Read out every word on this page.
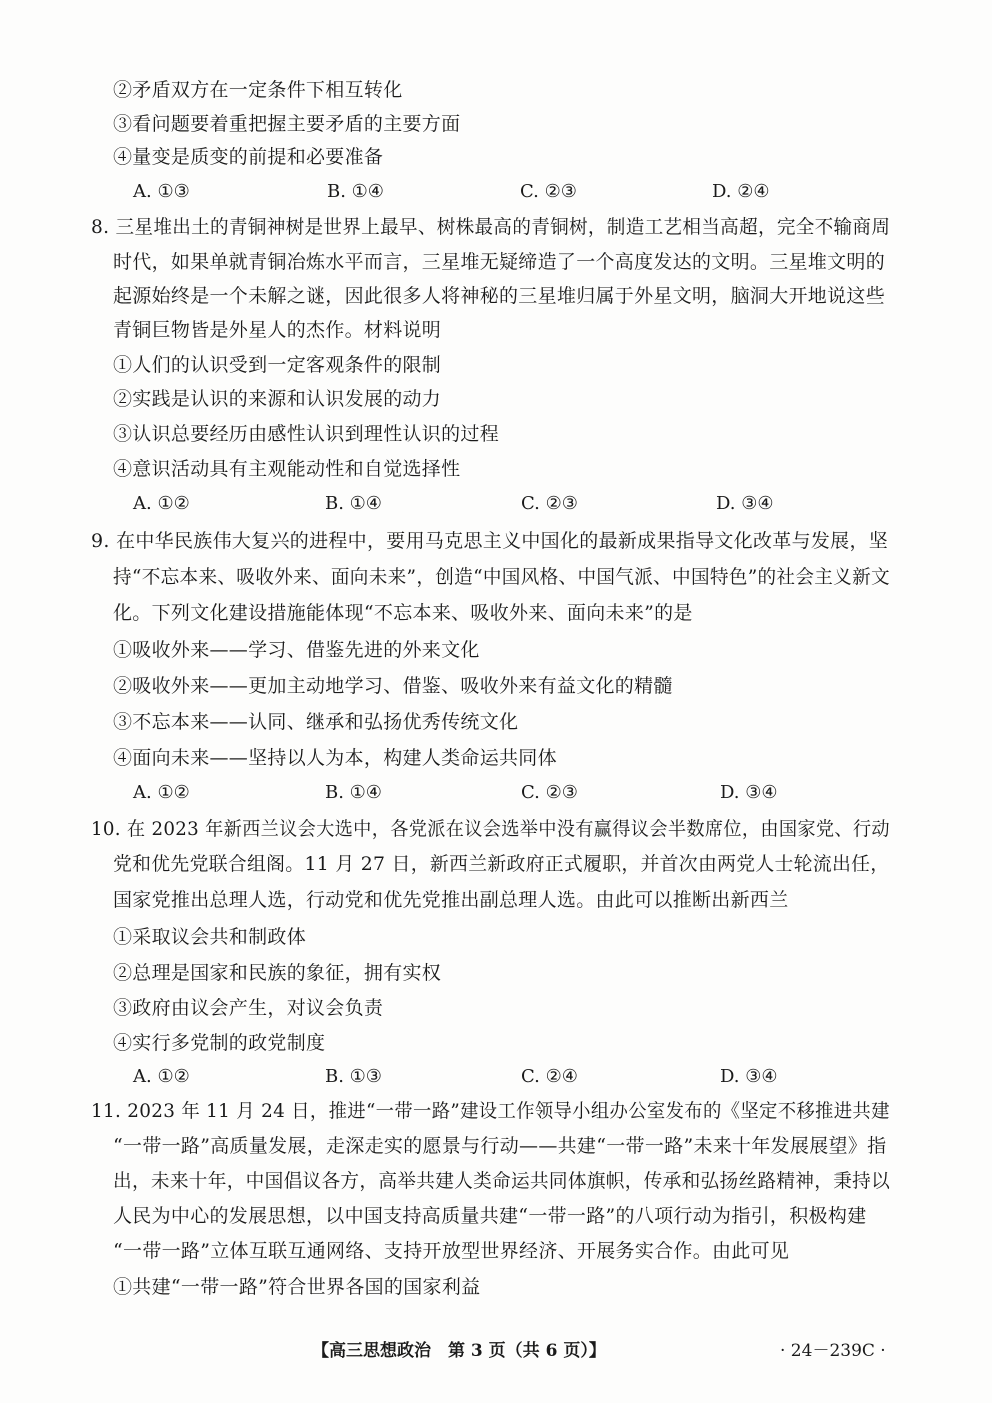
②矛盾双方在一定条件下相互转化
③看问题要着重把握主要矛盾的主要方面
④量变是质变的前提和必要准备
A. ①③	B. ①④	C. ②③	D. ②④
8. 三星堆出土的青铜神树是世界上最早、树株最高的青铜树，制造工艺相当高超，完全不输商周
时代，如果单就青铜冶炼水平而言，三星堆无疑缔造了一个高度发达的文明。三星堆文明的
起源始终是一个未解之谜，因此很多人将神秘的三星堆归属于外星文明，脑洞大开地说这些
青铜巨物皆是外星人的杰作。材料说明
①人们的认识受到一定客观条件的限制
②实践是认识的来源和认识发展的动力
③认识总要经历由感性认识到理性认识的过程
④意识活动具有主观能动性和自觉选择性
A. ①②	B. ①④	C. ②③	D. ③④
9. 在中华民族伟大复兴的进程中，要用马克思主义中国化的最新成果指导文化改革与发展，坚
持“不忘本来、吸收外来、面向未来”，创造“中国风格、中国气派、中国特色”的社会主义新文
化。下列文化建设措施能体现“不忘本来、吸收外来、面向未来”的是
①吸收外来——学习、借鉴先进的外来文化
②吸收外来——更加主动地学习、借鉴、吸收外来有益文化的精髓
③不忘本来——认同、继承和弘扬优秀传统文化
④面向未来——坚持以人为本，构建人类命运共同体
A. ①②	B. ①④	C. ②③	D. ③④
10. 在 2023 年新西兰议会大选中，各党派在议会选举中没有赢得议会半数席位，由国家党、行动
党和优先党联合组阁。11 月 27 日，新西兰新政府正式履职，并首次由两党人士轮流出任，
国家党推出总理人选，行动党和优先党推出副总理人选。由此可以推断出新西兰
①采取议会共和制政体
②总理是国家和民族的象征，拥有实权
③政府由议会产生，对议会负责
④实行多党制的政党制度
A. ①②	B. ①③	C. ②④	D. ③④
11. 2023 年 11 月 24 日，推进“一带一路”建设工作领导小组办公室发布的《坚定不移推进共建
“一带一路”高质量发展，走深走实的愿景与行动——共建“一带一路”未来十年发展展望》指
出，未来十年，中国倡议各方，高举共建人类命运共同体旗帜，传承和弘扬丝路精神，秉持以
人民为中心的发展思想，以中国支持高质量共建“一带一路”的八项行动为指引，积极构建
“一带一路”立体互联互通网络、支持开放型世界经济、开展务实合作。由此可见
①共建“一带一路”符合世界各国的国家利益
【高三思想政治　第 3 页（共 6 页）】	· 24－239C ·
